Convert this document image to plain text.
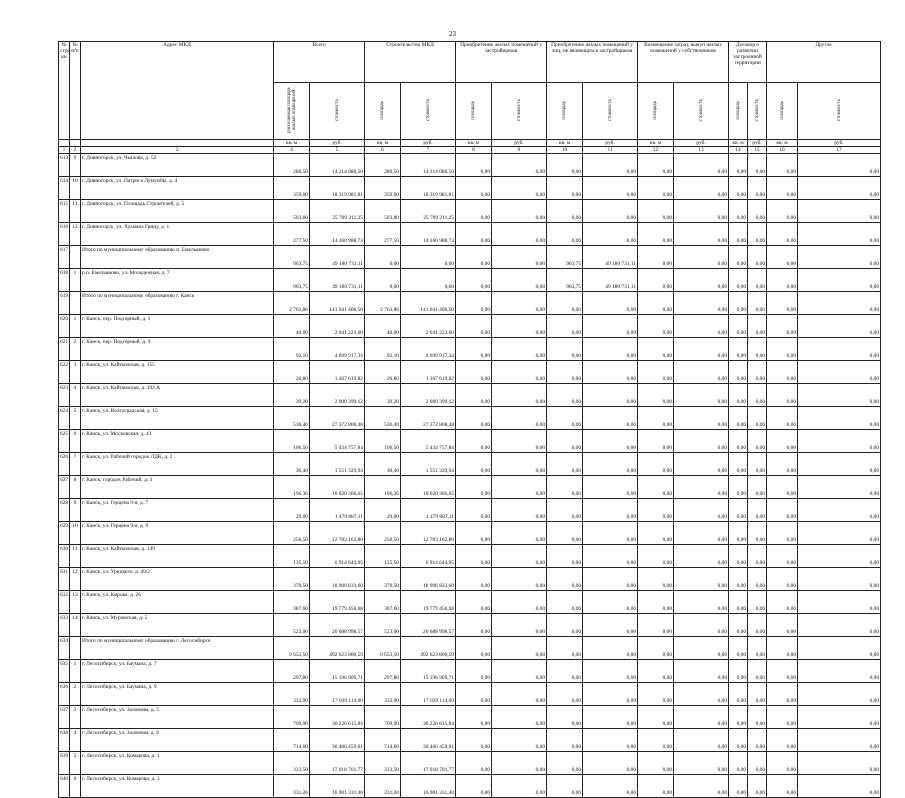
23
№ стро-ки	№ п/п	Адрес МКД	Всего		Строительство МКД		Приобретение жилых помещений у застройщиков		Приобретение жилых помещений у лиц, не являющихся застройщиком		Возмещение затрат, выкуп жилых помещений у собственников		Договор о развитии застроенной территории		Другое	
			расселяемая площадь жилых помещений	стоимость	площадь	стоимость	площадь	стоимость	площадь	стоимость	площадь	стоимость	площадь	стоимость	площадь	стоимость
			кв. м	руб.	кв. м	руб.	кв. м	руб.	кв. м	руб.	кв. м	руб.	кв. м	руб.	кв. м	руб.
1	2	3	4	5	6	7	8	9	10	11	12	13	14	15	16	17
613	9	г. Дивногорск, ул. Чкалова, д. 52	280,50	14 314 080,50	280,50	14 314 080,50	0,00	0,00	0,00	0,00	0,00	0,00	0,00	0,00	0,00	0,00
614	10	г. Дивногорск, ул. Патриса Лумумбы, д. 4	359,00	18 319 981,81	359,00	18 319 981,81	0,00	0,00	0,00	0,00	0,00	0,00	0,00	0,00	0,00	0,00
615	11	г. Дивногорск, ул. Площадь Строителей, д. 5	503,80	25 709 211,25	503,80	25 709 211,25	0,00	0,00	0,00	0,00	0,00	0,00	0,00	0,00	0,00	0,00
616	12	г. Дивногорск, ул. Хулмана Грицу, д. 1	277,50	14 160 988,73	277,50	14 160 988,73	0,00	0,00	0,00	0,00	0,00	0,00	0,00	0,00	0,00	0,00
617		Итого по муниципальному образованию п. Емельяново	963,75	49 180 731,11	0,00	0,00	0,00	0,00	963,75	49 180 731,11	0,00	0,00	0,00	0,00	0,00	0,00
618	1	р.п. Емельяново, ул. Молодежная, д. 7	963,75	49 180 731,11	0,00	0,00	0,00	0,00	963,75	49 180 731,11	0,00	0,00	0,00	0,00	0,00	0,00
619		Итого по муниципальному образованию г. Канск	2 763,86	141 041 406,50	2 763,86	141 041 406,50	0,00	0,00	0,00	0,00	0,00	0,00	0,00	0,00	0,00	0,00
620	1	г. Канск, пер. Подгорный, д. 1	40,00	2 041 223,60	40,00	2 041 223,60	0,00	0,00	0,00	0,00	0,00	0,00	0,00	0,00	0,00	0,00
621	2	г. Канск, пер. Подгорный, д. 9	92,10	4 699 917,34	92,10	4 699 917,34	0,00	0,00	0,00	0,00	0,00	0,00	0,00	0,00	0,00	0,00
622	3	г. Канск, ул. Кайтымская, д. 155	26,80	1 367 619,82	26,80	1 367 619,82	0,00	0,00	0,00	0,00	0,00	0,00	0,00	0,00	0,00	0,00
623	4	г. Канск, ул. Кайтымская, д. 193 А	39,20	2 000 399,12	39,20	2 000 399,12	0,00	0,00	0,00	0,00	0,00	0,00	0,00	0,00	0,00	0,00
624	5	г. Канск, ул. Волгоградская, д. 15	536,40	27 372 808,48	536,40	27 372 808,48	0,00	0,00	0,00	0,00	0,00	0,00	0,00	0,00	0,00	0,00
625	6	г. Канск, ул. Московская, д. 43	106,50	5 434 757,84	106,50	5 434 757,84	0,00	0,00	0,00	0,00	0,00	0,00	0,00	0,00	0,00	0,00
626	7	г. Канск, ул. Рабочий городок ЛДК, д. 2	30,40	1 551 329,94	30,40	1 551 329,94	0,00	0,00	0,00	0,00	0,00	0,00	0,00	0,00	0,00	0,00
627	8	г. Канск, городок Рабочий, д. 3	196,36	10 020 366,65	196,36	10 020 366,65	0,00	0,00	0,00	0,00	0,00	0,00	0,00	0,00	0,00	0,00
628	9	г. Канск, ул. Герцена 9-я, д. 7	29,00	1 479 887,11	29,00	1 479 887,11	0,00	0,00	0,00	0,00	0,00	0,00	0,00	0,00	0,00	0,00
629	10	г. Канск, ул. Герцена 9-я, д. 9	250,50	12 783 162,80	250,50	12 783 162,80	0,00	0,00	0,00	0,00	0,00	0,00	0,00	0,00	0,00	0,00
630	11	г. Канск, ул. Кайтымская, д. 149	135,50	6 914 644,95	135,50	6 914 644,95	0,00	0,00	0,00	0,00	0,00	0,00	0,00	0,00	0,00	0,00
631	12	г. Канск, ул. Урицкого, д. 49/2	370,50	18 906 833,60	370,50	18 906 833,60	0,00	0,00	0,00	0,00	0,00	0,00	0,00	0,00	0,00	0,00
632	13	г. Канск, ул. Кирова, д. 26	387,60	19 779 456,68	387,60	19 779 456,68	0,00	0,00	0,00	0,00	0,00	0,00	0,00	0,00	0,00	0,00
633	14	г. Канск, ул. Муромская, д. 5	523,00	26 688 998,57	523,00	26 688 998,57	0,00	0,00	0,00	0,00	0,00	0,00	0,00	0,00	0,00	0,00
634		Итого по муниципальному образованию г. Лесосибирск	9 653,50	492 623 800,59	9 653,50	492 623 800,59	0,00	0,00	0,00	0,00	0,00	0,00	0,00	0,00	0,00	0,00
635	1	г. Лесосибирск, ул. Бауманa, д. 7	297,80	15 196 909,71	297,80	15 196 909,71	0,00	0,00	0,00	0,00	0,00	0,00	0,00	0,00	0,00	0,00
636	2	г. Лесосибирск, ул. Баумана, д. 9	333,90	17 039 114,00	333,90	17 039 114,00	0,00	0,00	0,00	0,00	0,00	0,00	0,00	0,00	0,00	0,00
637	3	г. Лесосибирск, ул. Заломова, д. 5	709,90	36 226 615,84	709,90	36 226 615,84	0,00	0,00	0,00	0,00	0,00	0,00	0,00	0,00	0,00	0,00
638	4	г. Лесосибирск, ул. Заломова, д. 6	714,60	36 466 459,61	714,60	36 466 459,61	0,00	0,00	0,00	0,00	0,00	0,00	0,00	0,00	0,00	0,00
639	5	г. Лесосибирск, ул. Комарова, д. 1	333,50	17 018 701,77	333,50	17 018 701,77	0,00	0,00	0,00	0,00	0,00	0,00	0,00	0,00	0,00	0,00
640	6	г. Лесосибирск, ул. Комарова, д. 3	331,20	16 901 331,40	331,20	16 901 331,40	0,00	0,00	0,00	0,00	0,00	0,00	0,00	0,00	0,00	0,00
